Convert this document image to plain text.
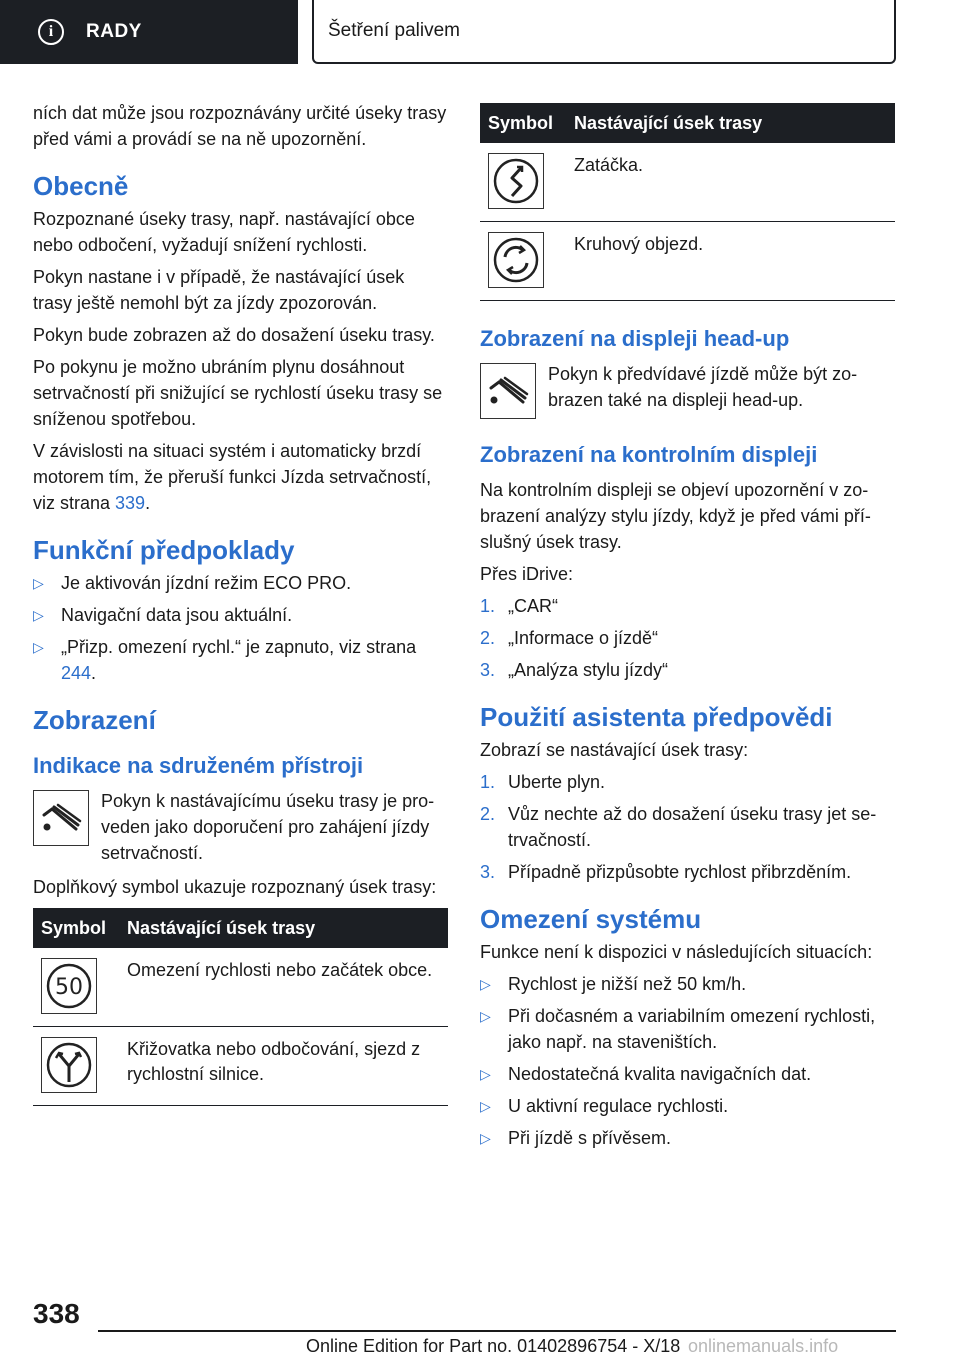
i	RADY	Šetření palivem

ních dat může jsou rozpoznávány určité úseky trasy před vámi a provádí se na ně upozornění.

Obecně

Rozpoznané úseky trasy, např. nastávající obce nebo odbočení, vyžadují snížení rychlosti.

Pokyn nastane i v případě, že nastávající úsek trasy ještě nemohl být za jízdy zpozorován.

Pokyn bude zobrazen až do dosažení úseku trasy.

Po pokynu je možno ubráním plynu dosáhnout setrvačností při snižující se rychlostí úseku trasy se sníženou spotřebou.

V závislosti na situaci systém i automaticky brzdí motorem tím, že přeruší funkci Jízda setrvačností, viz strana 339.

Funkční předpoklady
▷ Je aktivován jízdní režim ECO PRO.
▷ Navigační data jsou aktuální.
▷ „Přizp. omezení rychl.“ je zapnuto, viz strana 244.
Zobrazení
Indikace na sdruženém přístroji

Pokyn k nastávajícímu úseku trasy je proveden jako doporučení pro zahájení jízdy setrvačností.

Doplňkový symbol ukazuje rozpoznaný úsek trasy:

Symbol	Nastávající úsek trasy

50	Omezení rychlosti nebo začátek obce.

	Křižovatka nebo odbočování, sjezd z rychlostní silnice.
Symbol	Nastávající úsek trasy

	Zatáčka.

	Kruhový objezd.
Zobrazení na displeji head-up

Pokyn k předvídavé jízdě může být zobrazen také na displeji head-up.

Zobrazení na kontrolním displeji

Na kontrolním displeji se objeví upozornění v zobrazení analýzy stylu jízdy, když je před vámi příslušný úsek trasy.

Přes iDrive:

1. „CAR“
2. „Informace o jízdě“
3. „Analýza stylu jízdy“
Použití asistenta předpovědi

Zobrazí se nastávající úsek trasy:

1. Uberte plyn.
2. Vůz nechte až do dosažení úseku trasy jet setrvačností.
3. Případně přizpůsobte rychlost přibrzděním.
Omezení systému

Funkce není k dispozici v následujících situacích:

▷ Rychlost je nižší než 50 km/h.
▷ Při dočasném a variabilním omezení rychlosti, jako např. na staveništích.
▷ Nedostatečná kvalita navigačních dat.
▷ U aktivní regulace rychlosti.
▷ Při jízdě s přívěsem.
338
Online Edition for Part no. 01402896754 - X/18 onlinemanuals.info
